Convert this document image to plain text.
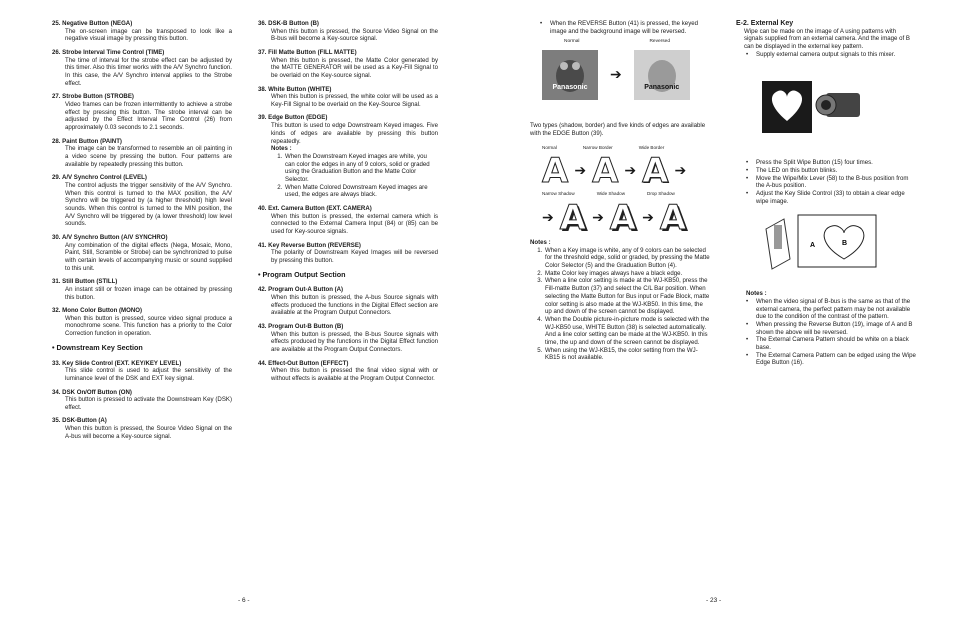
25. Negative Button (NEGA)
The on-screen image can be transposed to look like a negative visual image by pressing this button.
26. Strobe Interval Time Control (TIME)
The time of interval for the strobe effect can be adjusted by this timer. Also this timer works with the A/V Synchro function. In this case, the A/V Synchro interval applies to the Strobe effect.
27. Strobe Button (STROBE)
Video frames can be frozen intermittently to achieve a strobe effect by pressing this button. The strobe interval can be adjusted by the Effect Interval Time Control (26) from approximately 0.03 seconds to 2.1 seconds.
28. Paint Button (PAINT)
The image can be transformed to resemble an oil painting in a video scene by pressing the button. Four patterns are available by repeatedly pressing this button.
29. A/V Synchro Control (LEVEL)
The control adjusts the trigger sensitivity of the A/V Synchro. When this control is turned to the MAX position, the A/V Synchro will be triggered by (a higher threshold) high level sounds. When this control is turned to the MIN position, the A/V Synchro will be triggered by (a lower threshold) low level sounds.
30. A/V Synchro Button (A/V SYNCHRO)
Any combination of the digital effects (Nega, Mosaic, Mono, Paint, Still, Scramble or Strobe) can be synchronized to pulse with certain levels of accompanying music or sound supplied to this unit.
31. Still Button (STILL)
An instant still or frozen image can be obtained by pressing this button.
32. Mono Color Button (MONO)
When this button is pressed, source video signal produce a monochrome scene. This function has a priority to the Color Correction function in operation.
• Downstream Key Section
33. Key Slide Control (EXT. KEY/KEY LEVEL)
This slide control is used to adjust the sensitivity of the luminance level of the DSK and EXT key signal.
34. DSK On/Off Button (ON)
This button is pressed to activate the Downstream Key (DSK) effect.
35. DSK-Button (A)
When this button is pressed, the Source Video Signal on the A-bus will become a Key-source signal.
36. DSK-B Button (B)
When this button is pressed, the Source Video Signal on the B-bus will become a Key-source signal.
37. Fill Matte Button (FILL MATTE)
When this button is pressed, the Matte Color generated by the MATTE GENERATOR will be used as a Key-Fill Signal to be overlaid on the Key-source signal.
38. White Button (WHITE)
When this button is pressed, the white color will be used as a Key-Fill Signal to be overlaid on the Key-Source Signal.
39. Edge Button (EDGE)
This button is used to edge Downstream Keyed images. Five kinds of edges are available by pressing this button repeatedly.
Notes :
1. When the Downstream Keyed images are white, you can color the edges in any of 9 colors, solid or graded using the Graduation Button and the Matte Color Selector.
2. When Matte Colored Downstream Keyed images are used, the edges are always black.
40. Ext. Camera Button (EXT. CAMERA)
When this button is pressed, the external camera which is connected to the External Camera Input (84) or (85) can be used for Key-source signals.
41. Key Reverse Button (REVERSE)
The polarity of Downstream Keyed Images will be reversed by pressing this button.
• Program Output Section
42. Program Out-A Button (A)
When this button is pressed, the A-bus Source signals with effects produced the functions in the Digital Effect section are available at the Program Output Connectors.
43. Program Out-B Button (B)
When this button is pressed, the B-bus Source signals with effects produced by the functions in the Digital Effect function are available at the Program Output Connectors.
44. Effect-Out Button (EFFECT)
When this button is pressed the final video signal with or without effects is available at the Program Output Connector.
• When the REVERSE Button (41) is pressed, the keyed image and the background image will be reversed.
Normal	Reversed
Panasonic
➔
Panasonic
Two types (shadow, border) and five kinds of edges are available with the EDGE Button (39).
Normal	Narrow Border	Wide Border
A ➔ A ➔ A ➔
Narrow Shadow	Wide Shadow	Drop Shadow
➔ A ➔ A ➔ A
Notes :
1. When a Key image is white, any of 9 colors can be selected for the threshold edge, solid or graded, by pressing the Matte Color Selector (5) and the Graduation Button (4).
2. Matte Color key images always have a black edge.
3. When a line color setting is made at the WJ-KB50, press the Fill-matte Button (37) and select the C/L Bar position. When selecting the Matte Button for Bus input or Fade Block, matte color setting is also made at the WJ-KB50. In this time, the up and down of the screen cannot be displayed.
4. When the Double picture-in-picture mode is selected with the WJ-KB50 use, WHITE Button (38) is selected automatically. And a line color setting can be made at the WJ-KB50. In this time, the up and down of the screen cannot be displayed.
5. When using the WJ-KB15, the color setting from the WJ-KB15 is not available.
E-2. External Key
Wipe can be made on the image of A using patterns with signals supplied from an external camera. And the image of B can be displayed in the external key pattern.
• Supply external camera output signals to this mixer.
• Press the Split Wipe Button (15) four times.
• The LED on this button blinks.
• Move the Wipe/Mix Lever (58) to the B-bus position from the A-bus position.
• Adjust the Key Slide Control (33) to obtain a clear edge wipe image.
A	B
Notes :
• When the video signal of B-bus is the same as that of the external camera, the perfect pattern may be not available due to the condition of the contrast of the pattern.
• When pressing the Reverse Button (19), image of A and B shown the above will be reversed.
• The External Camera Pattern should be white on a black base.
• The External Camera Pattern can be edged using the Wipe Edge Button (16).
- 6 -	- 23 -
